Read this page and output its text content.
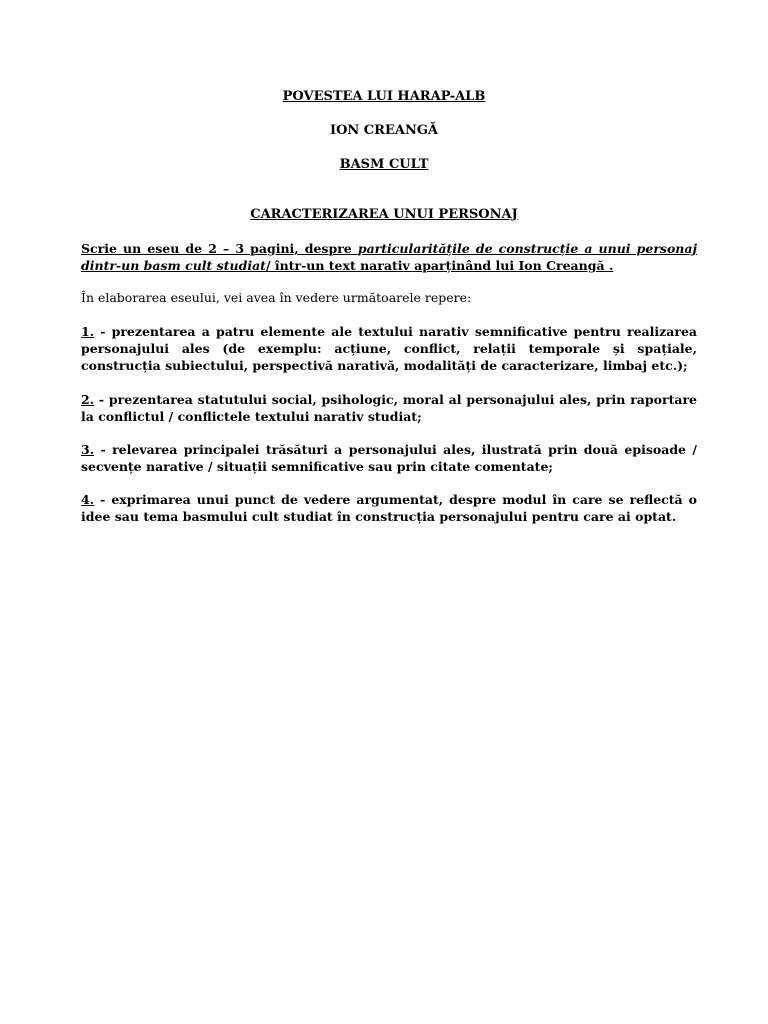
POVESTEA LUI HARAP-ALB

ION CREANGĂ

BASM CULT

CARACTERIZAREA UNUI PERSONAJ

Scrie un eseu de 2 – 3 pagini, despre particularitățile de construcție a unui personaj dintr-un basm cult studiat/ într-un text narativ aparținând lui Ion Creangă .

În elaborarea eseului, vei avea în vedere următoarele repere:

1. - prezentarea a patru elemente ale textului narativ semnificative pentru realizarea personajului ales (de exemplu: acțiune, conflict, relații temporale și spațiale, construcția subiectului, perspectivă narativă, modalități de caracterizare, limbaj etc.);

2. - prezentarea statutului social, psihologic, moral al personajului ales, prin raportare la conflictul / conflictele textului narativ studiat;

3. - relevarea principalei trăsături a personajului ales, ilustrată prin două episoade / secvențe narative / situații semnificative sau prin citate comentate;

4. - exprimarea unui punct de vedere argumentat, despre modul în care se reflectă o idee sau tema basmului cult studiat în construcția personajului pentru care ai optat.
